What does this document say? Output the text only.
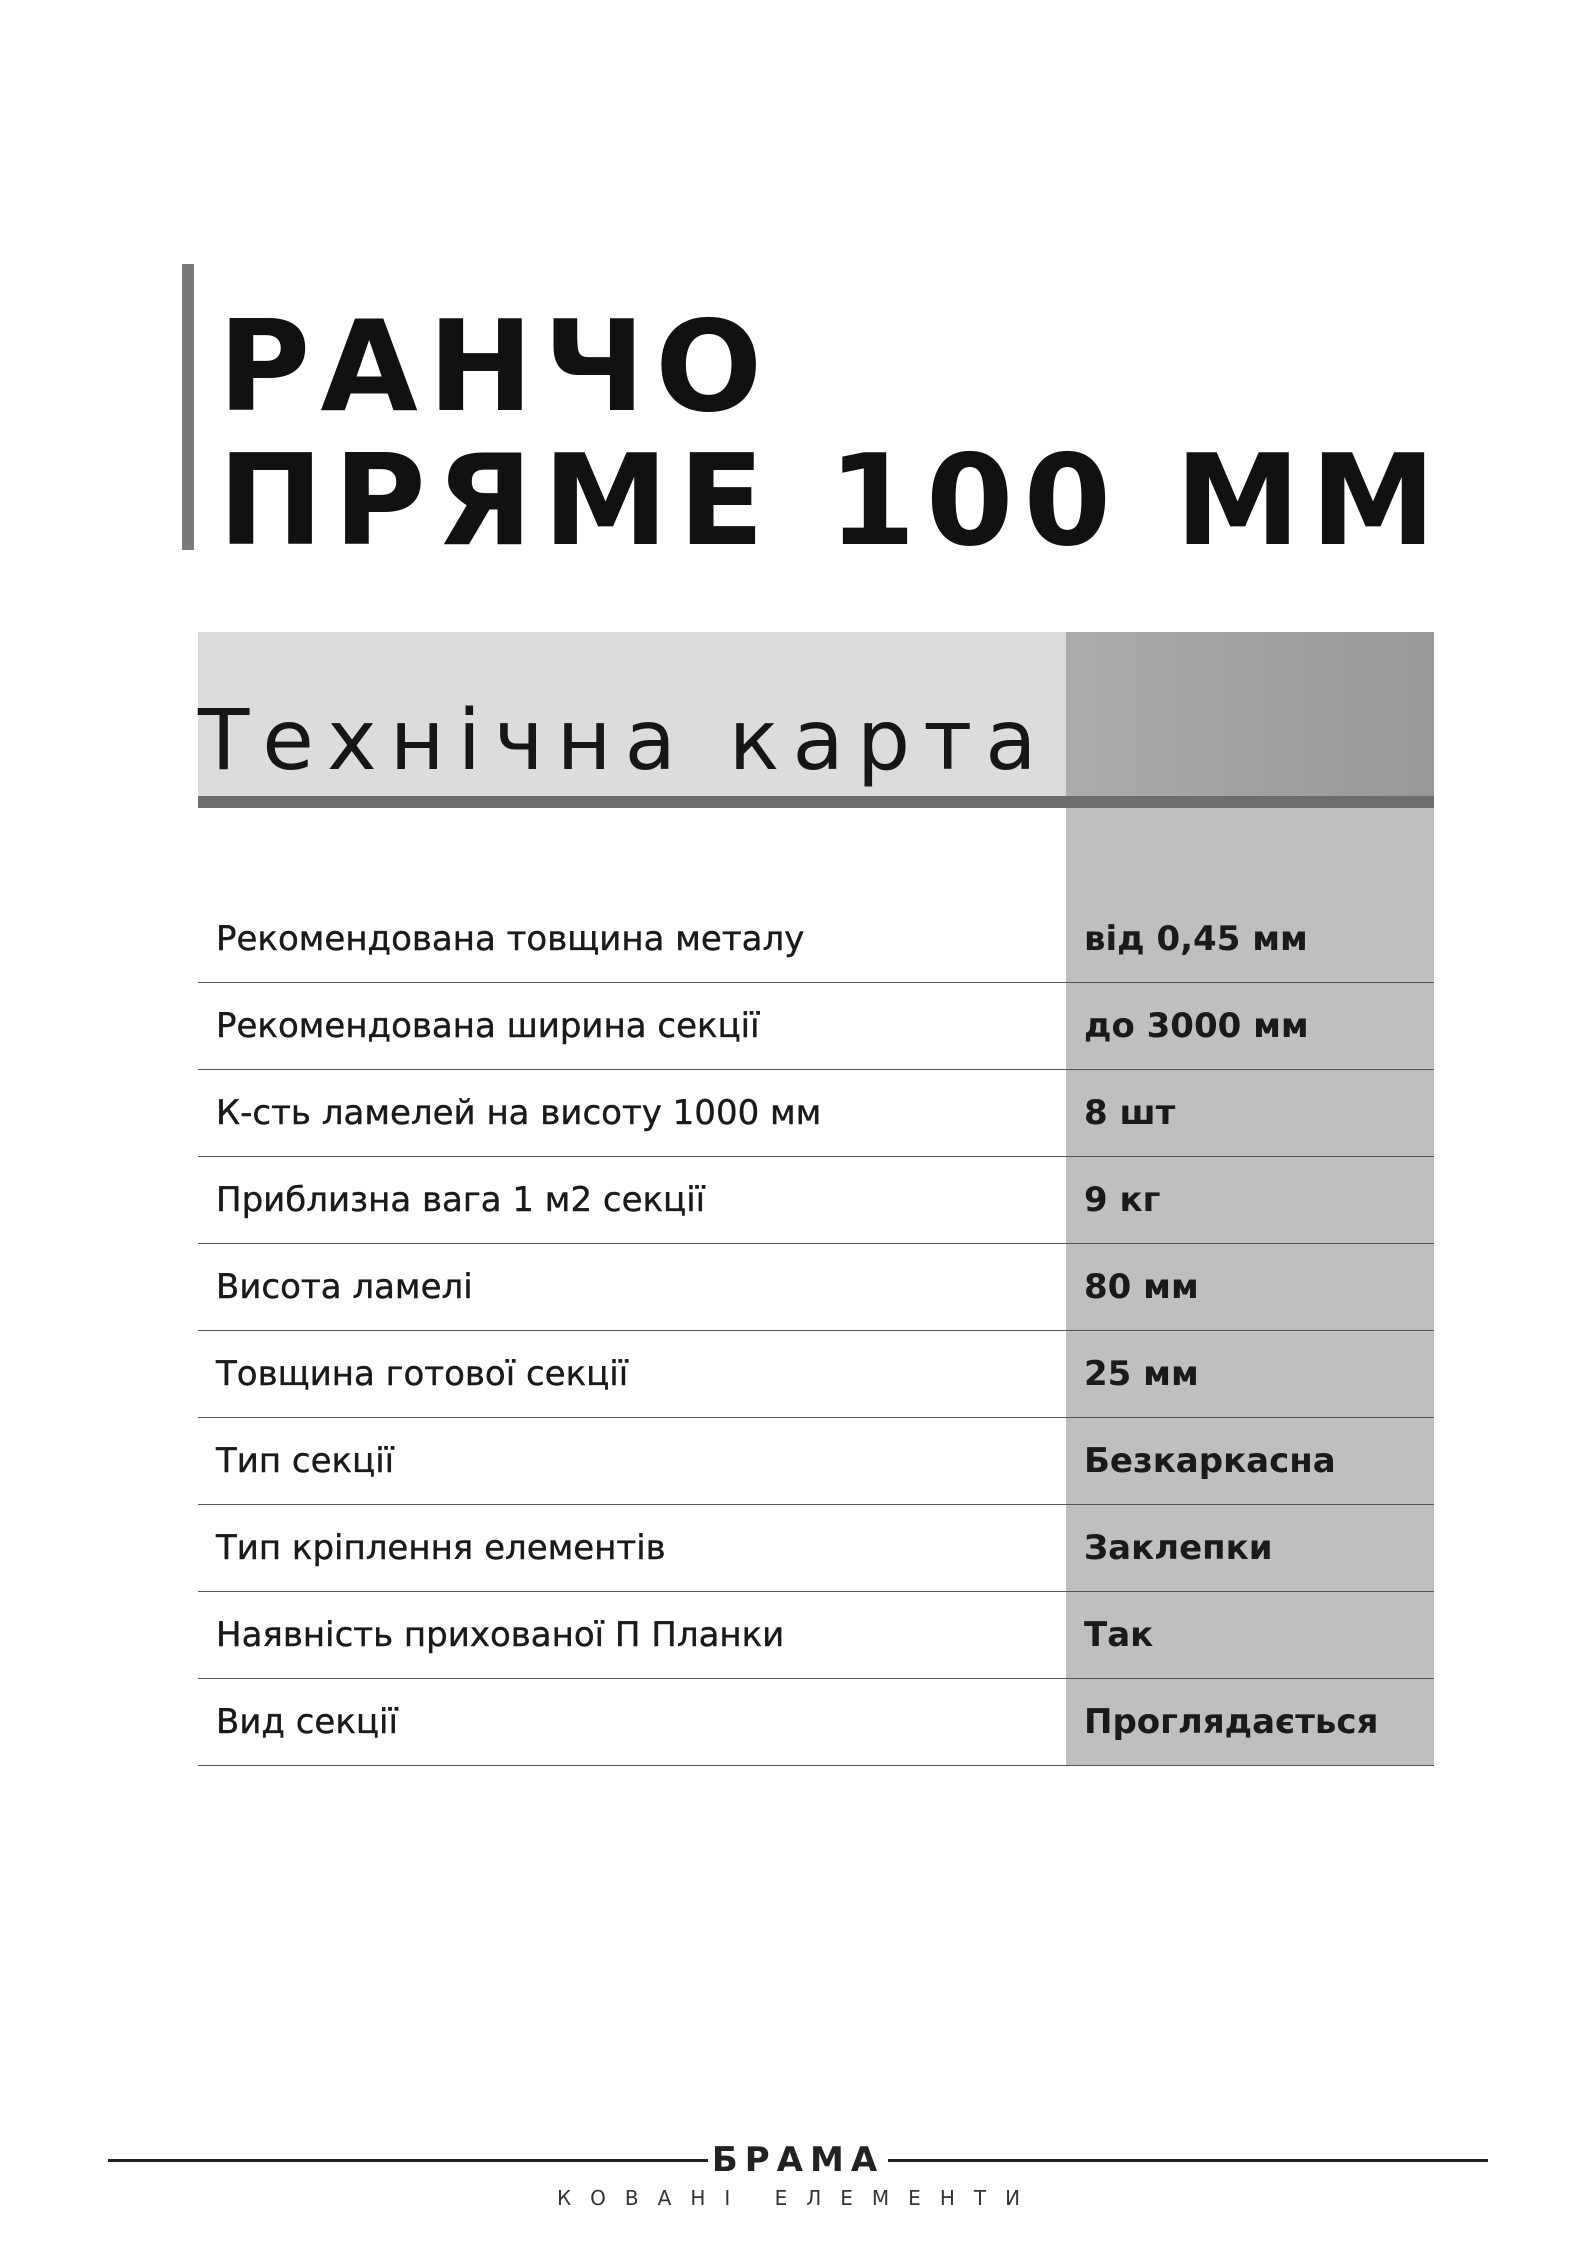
РАНЧО
ПРЯМЕ 100 ММ
Технічна карта
Рекомендована товщина металу	від 0,45 мм
Рекомендована ширина секції	до 3000 мм
К-сть ламелей на висоту 1000 мм	8 шт
Приблизна вага 1 м2 секції	9 кг
Висота ламелі	80 мм
Товщина готової секції	25 мм
Тип секції	Безкаркасна
Тип кріплення елементів	Заклепки
Наявність прихованої П Планки	Так
Вид секції	Проглядається
БРАМА
КОВАНІ ЕЛЕМЕНТИ
